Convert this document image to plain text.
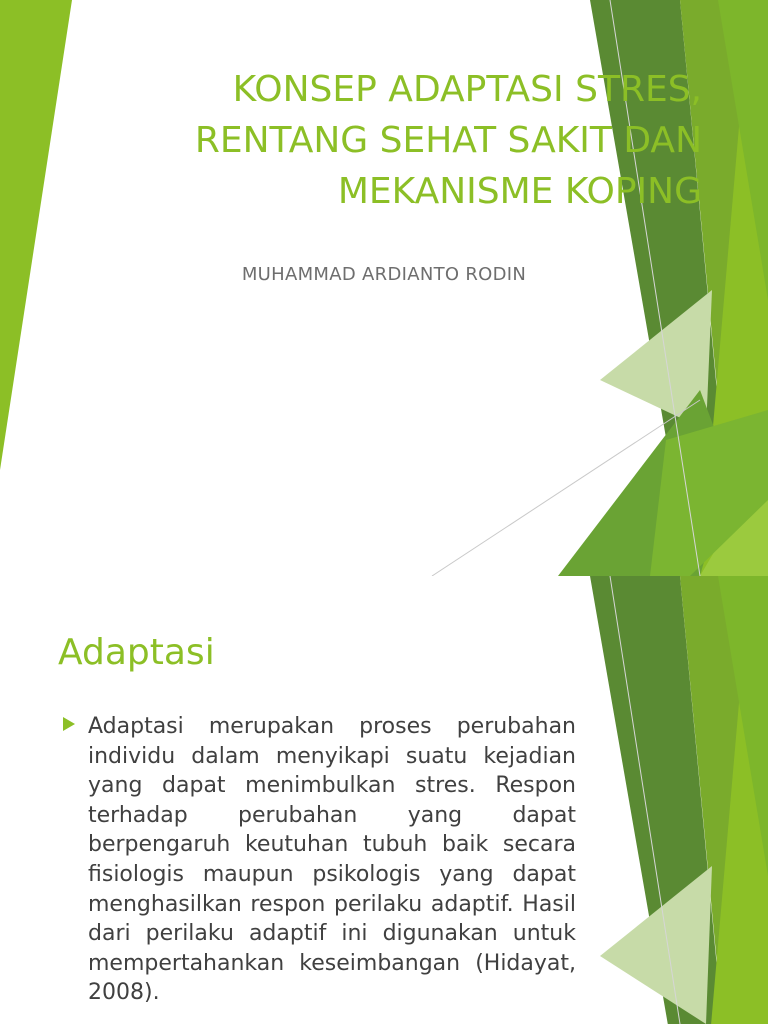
KONSEP ADAPTASI STRES,
RENTANG SEHAT SAKIT DAN
MEKANISME KOPING

MUHAMMAD ARDIANTO RODIN

Adaptasi

Adaptasi merupakan proses perubahan individu dalam menyikapi suatu kejadian yang dapat menimbulkan stres. Respon terhadap perubahan yang dapat berpengaruh keutuhan tubuh baik secara fisiologis maupun psikologis yang dapat menghasilkan respon perilaku adaptif. Hasil dari perilaku adaptif ini digunakan untuk mempertahankan keseimbangan (Hidayat, 2008).
